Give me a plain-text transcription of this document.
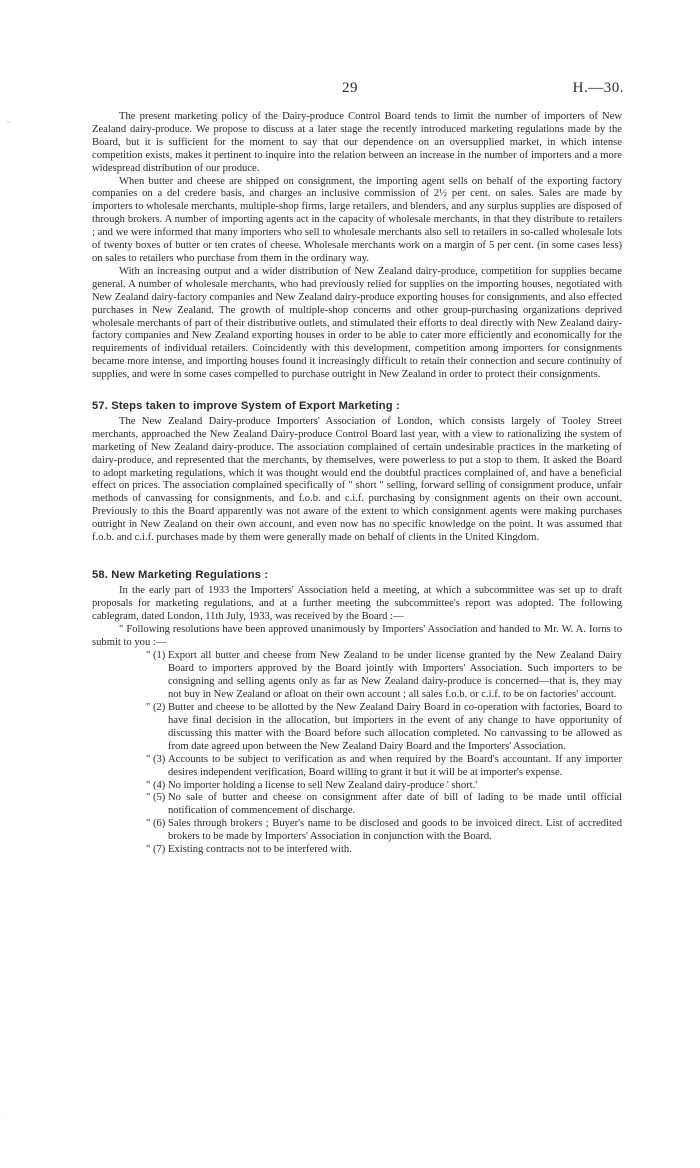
~
29	H.—30.

The present marketing policy of the Dairy-produce Control Board tends to limit the number of importers of New Zealand dairy-produce. We propose to discuss at a later stage the recently introduced marketing regulations made by the Board, but it is sufficient for the moment to say that our dependence on an oversupplied market, in which intense competition exists, makes it pertinent to inquire into the relation between an increase in the number of importers and a more widespread distribution of our produce.

When butter and cheese are shipped on consignment, the importing agent sells on behalf of the exporting factory companies on a del credere basis, and charges an inclusive commission of 2½ per cent. on sales. Sales are made by importers to wholesale merchants, multiple-shop firms, large retailers, and blenders, and any surplus supplies are disposed of through brokers. A number of importing agents act in the capacity of wholesale merchants, in that they distribute to retailers ; and we were informed that many importers who sell to wholesale merchants also sell to retailers in so-called wholesale lots of twenty boxes of butter or ten crates of cheese. Wholesale merchants work on a margin of 5 per cent. (in some cases less) on sales to retailers who purchase from them in the ordinary way.

With an increasing output and a wider distribution of New Zealand dairy-produce, competition for supplies became general. A number of wholesale merchants, who had previously relied for supplies on the importing houses, negotiated with New Zealand dairy-factory companies and New Zealand dairy-produce exporting houses for consignments, and also effected purchases in New Zealand. The growth of multiple-shop concerns and other group-purchasing organizations deprived wholesale merchants of part of their distributive outlets, and stimulated their efforts to deal directly with New Zealand dairy-factory companies and New Zealand exporting houses in order to be able to cater more efficiently and economically for the requirements of individual retailers. Coincidently with this development, competition among importers for consignments became more intense, and importing houses found it increasingly difficult to retain their connection and secure continuity of supplies, and were in some cases compelled to purchase outright in New Zealand in order to protect their consignments.

57. Steps taken to improve System of Export Marketing :

The New Zealand Dairy-produce Importers' Association of London, which consists largely of Tooley Street merchants, approached the New Zealand Dairy-produce Control Board last year, with a view to rationalizing the system of marketing of New Zealand dairy-produce. The association complained of certain undesirable practices in the marketing of dairy-produce, and represented that the merchants, by themselves, were powerless to put a stop to them. It asked the Board to adopt marketing regulations, which it was thought would end the doubtful practices complained of, and have a beneficial effect on prices. The association complained specifically of " short " selling, forward selling of consignment produce, unfair methods of canvassing for consignments, and f.o.b. and c.i.f. purchasing by consignment agents on their own account. Previously to this the Board apparently was not aware of the extent to which consignment agents were making purchases outright in New Zealand on their own account, and even now has no specific knowledge on the point. It was assumed that f.o.b. and c.i.f. purchases made by them were generally made on behalf of clients in the United Kingdom.

58. New Marketing Regulations :

In the early part of 1933 the Importers' Association held a meeting, at which a subcommittee was set up to draft proposals for marketing regulations, and at a further meeting the subcommittee's report was adopted. The following cablegram, dated London, 11th July, 1933, was received by the Board :—

" Following resolutions have been approved unanimously by Importers' Association and handed to Mr. W. A. Iorns to submit to you :—

" (1) Export all butter and cheese from New Zealand to be under license granted by the New Zealand Dairy Board to importers approved by the Board jointly with Importers' Association. Such importers to be consigning and selling agents only as far as New Zealand dairy-produce is concerned—that is, they may not buy in New Zealand or afloat on their own account ; all sales f.o.b. or c.i.f. to be on factories' account.
" (2) Butter and cheese to be allotted by the New Zealand Dairy Board in co-operation with factories, Board to have final decision in the allocation, but importers in the event of any change to have opportunity of discussing this matter with the Board before such allocation completed. No canvassing to be allowed as from date agreed upon between the New Zealand Dairy Board and the Importers' Association.
" (3) Accounts to be subject to verification as and when required by the Board's accountant. If any importer desires independent verification, Board willing to grant it but it will be at importer's expense.
" (4) No importer holding a license to sell New Zealand dairy-produce ' short.'
" (5) No sale of butter and cheese on consignment after date of bill of lading to be made until official notification of commencement of discharge.
" (6) Sales through brokers ; Buyer's name to be disclosed and goods to be invoiced direct. List of accredited brokers to be made by Importers' Association in conjunction with the Board.
" (7) Existing contracts not to be interfered with.
·
